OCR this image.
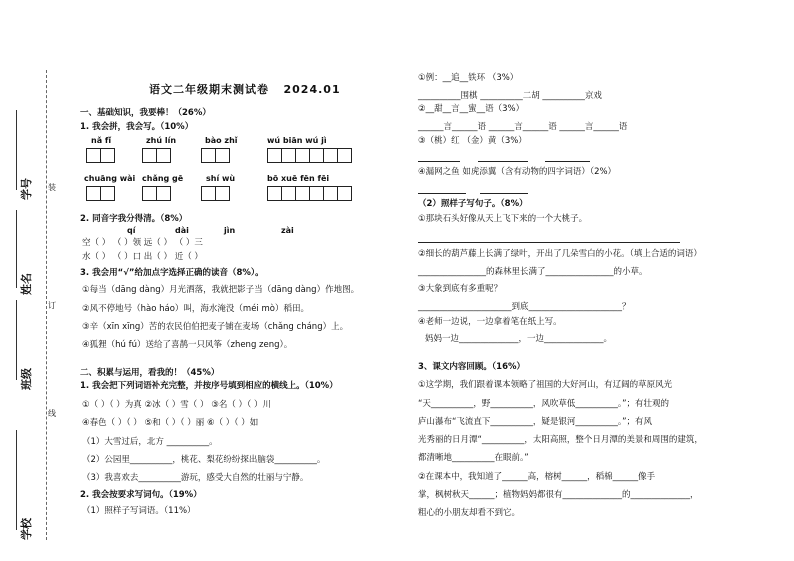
学校
班级
姓名
学号 装
订
线
语文二年级期末测试卷 2024.01
一、基础知识，我要棒！（26%）
1. 我会拼，我会写。（10%）
nǎ fǐ	zhú lín	bào zhǐ	wú biān wú jì
chuāng wài chǎng gē	shí wù	bō xuē fēn fēi
2. 同音字我分得清。（8%）
qí	dài	jìn	zài
空（ ） （ ）领 远（ ） （ ）三
水（ ） （ ）口 出（ ） 近（ ）
3. 我会用“√”给加点字选择正确的读音（8%）。
①每当（dāng dàng）月光洒落，我就把影子当（dāng dàng）作地图。
②风不停地号（hào háo）叫，海水淹没（méi mò）稻田。
③辛（xīn xīng）苦的农民伯伯把麦子铺在麦场（chǎng cháng）上。
④狐狸（hú fú）送给了喜鹊一只风筝（zheng zeng）。
二、积累与运用，看我的！（45%）
1. 我会把下列词语补充完整，并按序号填到相应的横线上。（10%）
①（ ）（ ）为真 ②冰（ ）雪（ ） ③名（ ）（ ）川
④春色（ ）（ ） ⑤和（ ）（ ）丽 ⑥（ ）（ ）如
（1）大雪过后，北方 __________。
（2）公园里__________，桃花、梨花纷纷探出脑袋__________。
（3）我喜欢去__________游玩，感受大自然的壮丽与宁静。
2. 我会按要求写词句。（19%）
（1）照样子写词语。（11%）
①例：__追__铁环 （3%）
__________围棋 __________二胡 __________京戏
②__甜__言__蜜__语（3%）
______言______语 ______言______语 ______言______语
③（桃）红 （金）黄（3%）
④漏网之鱼 如虎添翼（含有动物的四字词语）（2%）
（2）照样子写句子。（8%）
①那块石头好像从天上飞下来的一个大桃子。
②细长的葫芦藤上长满了绿叶，开出了几朵雪白的小花。（填上合适的词语）
________________的森林里长满了________________的小草。
③大象到底有多重呢？
______________________到底______________________？
④老师一边说，一边拿着笔在纸上写。
妈妈一边______________，一边______________。
3、课文内容回顾。（16%）
①这学期，我们跟着课本领略了祖国的大好河山，有辽阔的草原风光
“天__________，野__________，风吹草低__________。”；有壮观的
庐山瀑布“飞流直下__________，疑是银河__________。”；有风
光秀丽的日月潭“__________，太阳高照，整个日月潭的美景和周围的建筑，
都清晰地__________在眼前。”
②在课本中，我知道了______高，榕树______，稻棉______像手
掌，枫树秋天______；植物妈妈都很有______________的______________，
粗心的小朋友却看不到它。
